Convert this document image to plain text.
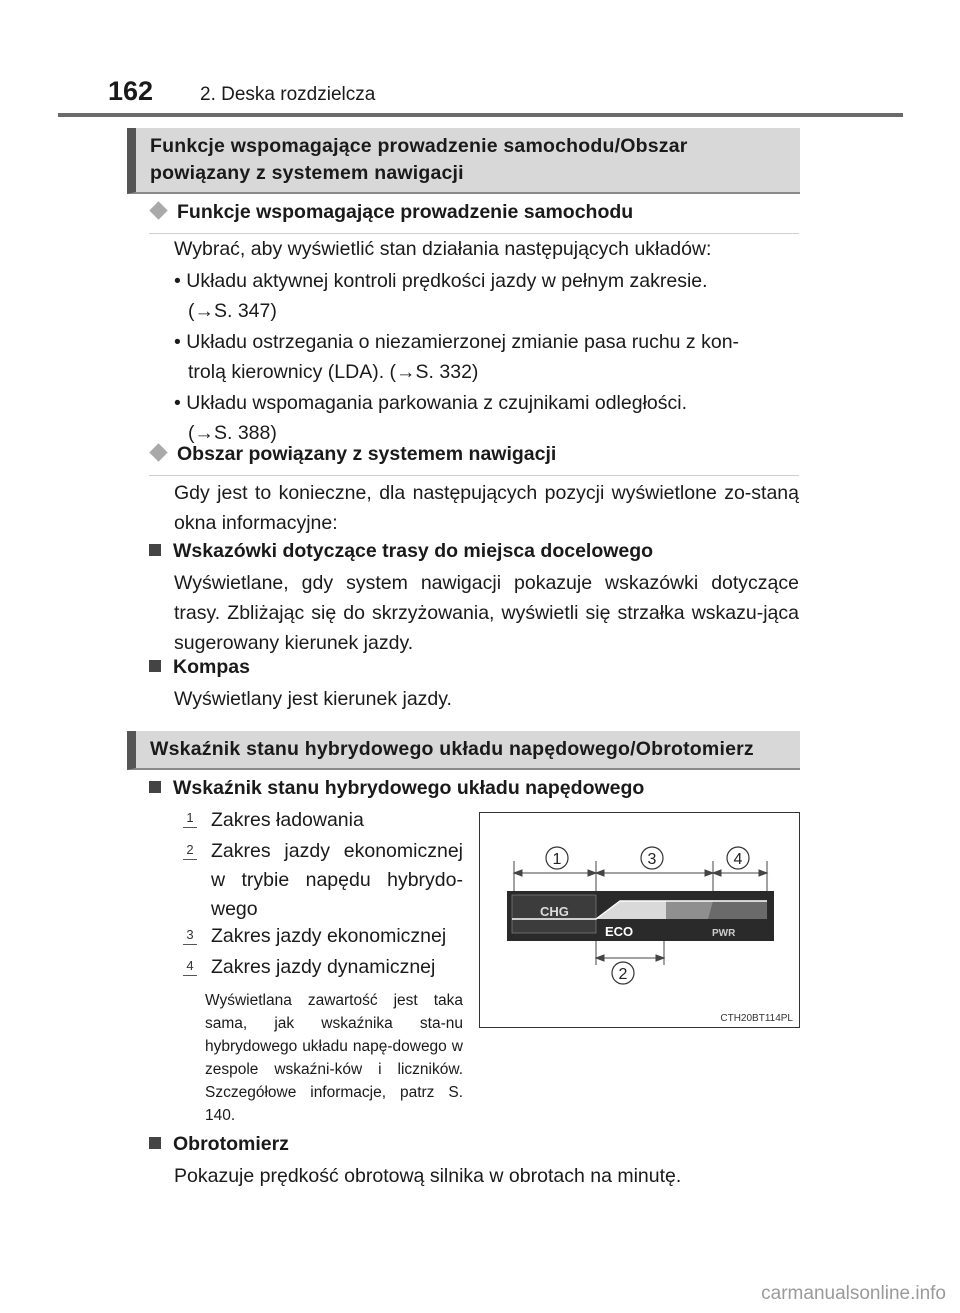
162 2. Deska rozdzielcza
Funkcje wspomagające prowadzenie samochodu/Obszar
powiązany z systemem nawigacji
Funkcje wspomagające prowadzenie samochodu
Wybrać, aby wyświetlić stan działania następujących układów:
• Układu aktywnej kontroli prędkości jazdy w pełnym zakresie.
(→S. 347)
• Układu ostrzegania o niezamierzonej zmianie pasa ruchu z kon-
trolą kierownicy (LDA). (→S. 332)
• Układu wspomagania parkowania z czujnikami odległości.
(→S. 388)
Obszar powiązany z systemem nawigacji
Gdy jest to konieczne, dla następujących pozycji wyświetlone zo-staną okna informacyjne:
Wskazówki dotyczące trasy do miejsca docelowego
Wyświetlane, gdy system nawigacji pokazuje wskazówki dotyczące trasy. Zbliżając się do skrzyżowania, wyświetli się strzałka wskazu-jąca sugerowany kierunek jazdy.
Kompas
Wyświetlany jest kierunek jazdy.
Wskaźnik stanu hybrydowego układu napędowego/Obrotomierz
Wskaźnik stanu hybrydowego układu napędowego
1 Zakres ładowania
2 Zakres jazdy ekonomicznej w trybie napędu hybrydo-wego
3 Zakres jazdy ekonomicznej
4 Zakres jazdy dynamicznej
Wyświetlana zawartość jest taka sama, jak wskaźnika sta-nu hybrydowego układu napę-dowego w zespole wskaźni-ków i liczników. Szczegółowe informacje, patrz S. 140.
1	3	4
2
CHG
ECO	PWR
CTH20BT114PL
Obrotomierz
Pokazuje prędkość obrotową silnika w obrotach na minutę.
carmanualsonline.info
